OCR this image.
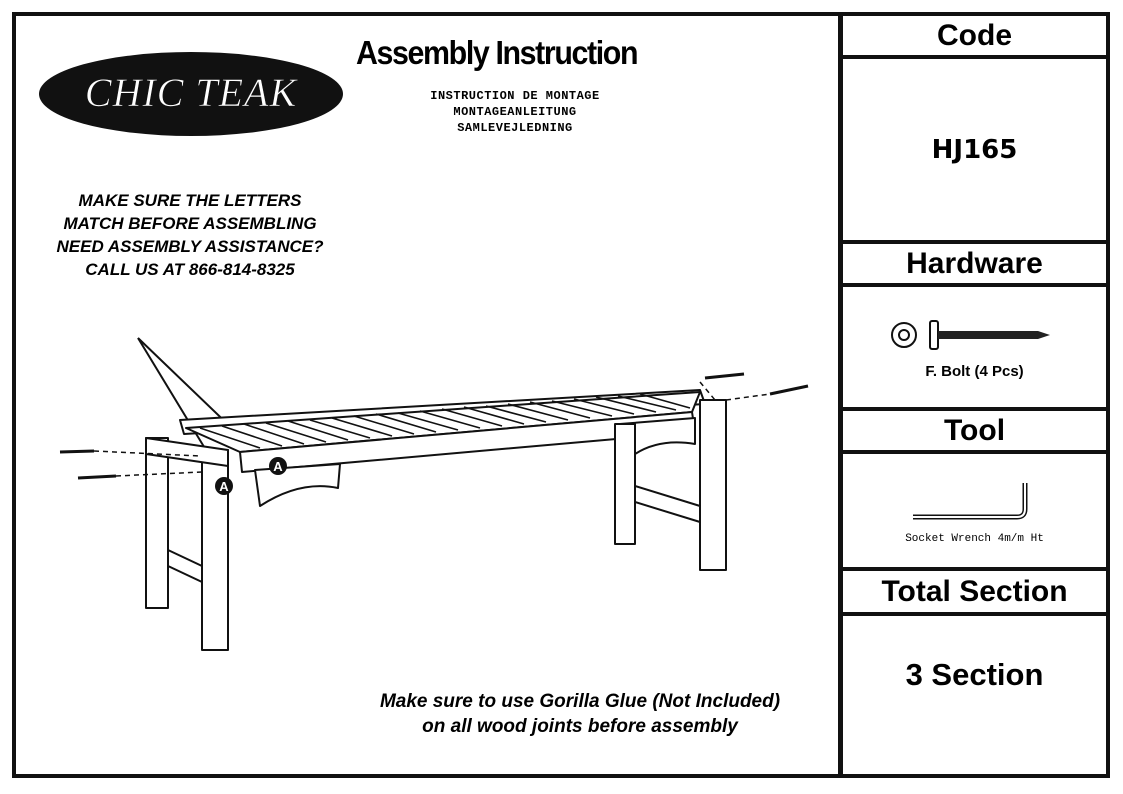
CHIC TEAK
Assembly Instruction
INSTRUCTION DE MONTAGE
MONTAGEANLEITUNG
SAMLEVEJLEDNING
MAKE SURE THE LETTERS
MATCH BEFORE ASSEMBLING
NEED ASSEMBLY ASSISTANCE?
CALL US AT 866-814-8325
A
A
Make sure to use Gorilla Glue (Not Included)
on all wood joints before assembly
Code
HJ165
Hardware
F. Bolt (4 Pcs)
Tool
Socket Wrench 4m/m Ht
Total Section
3 Section
